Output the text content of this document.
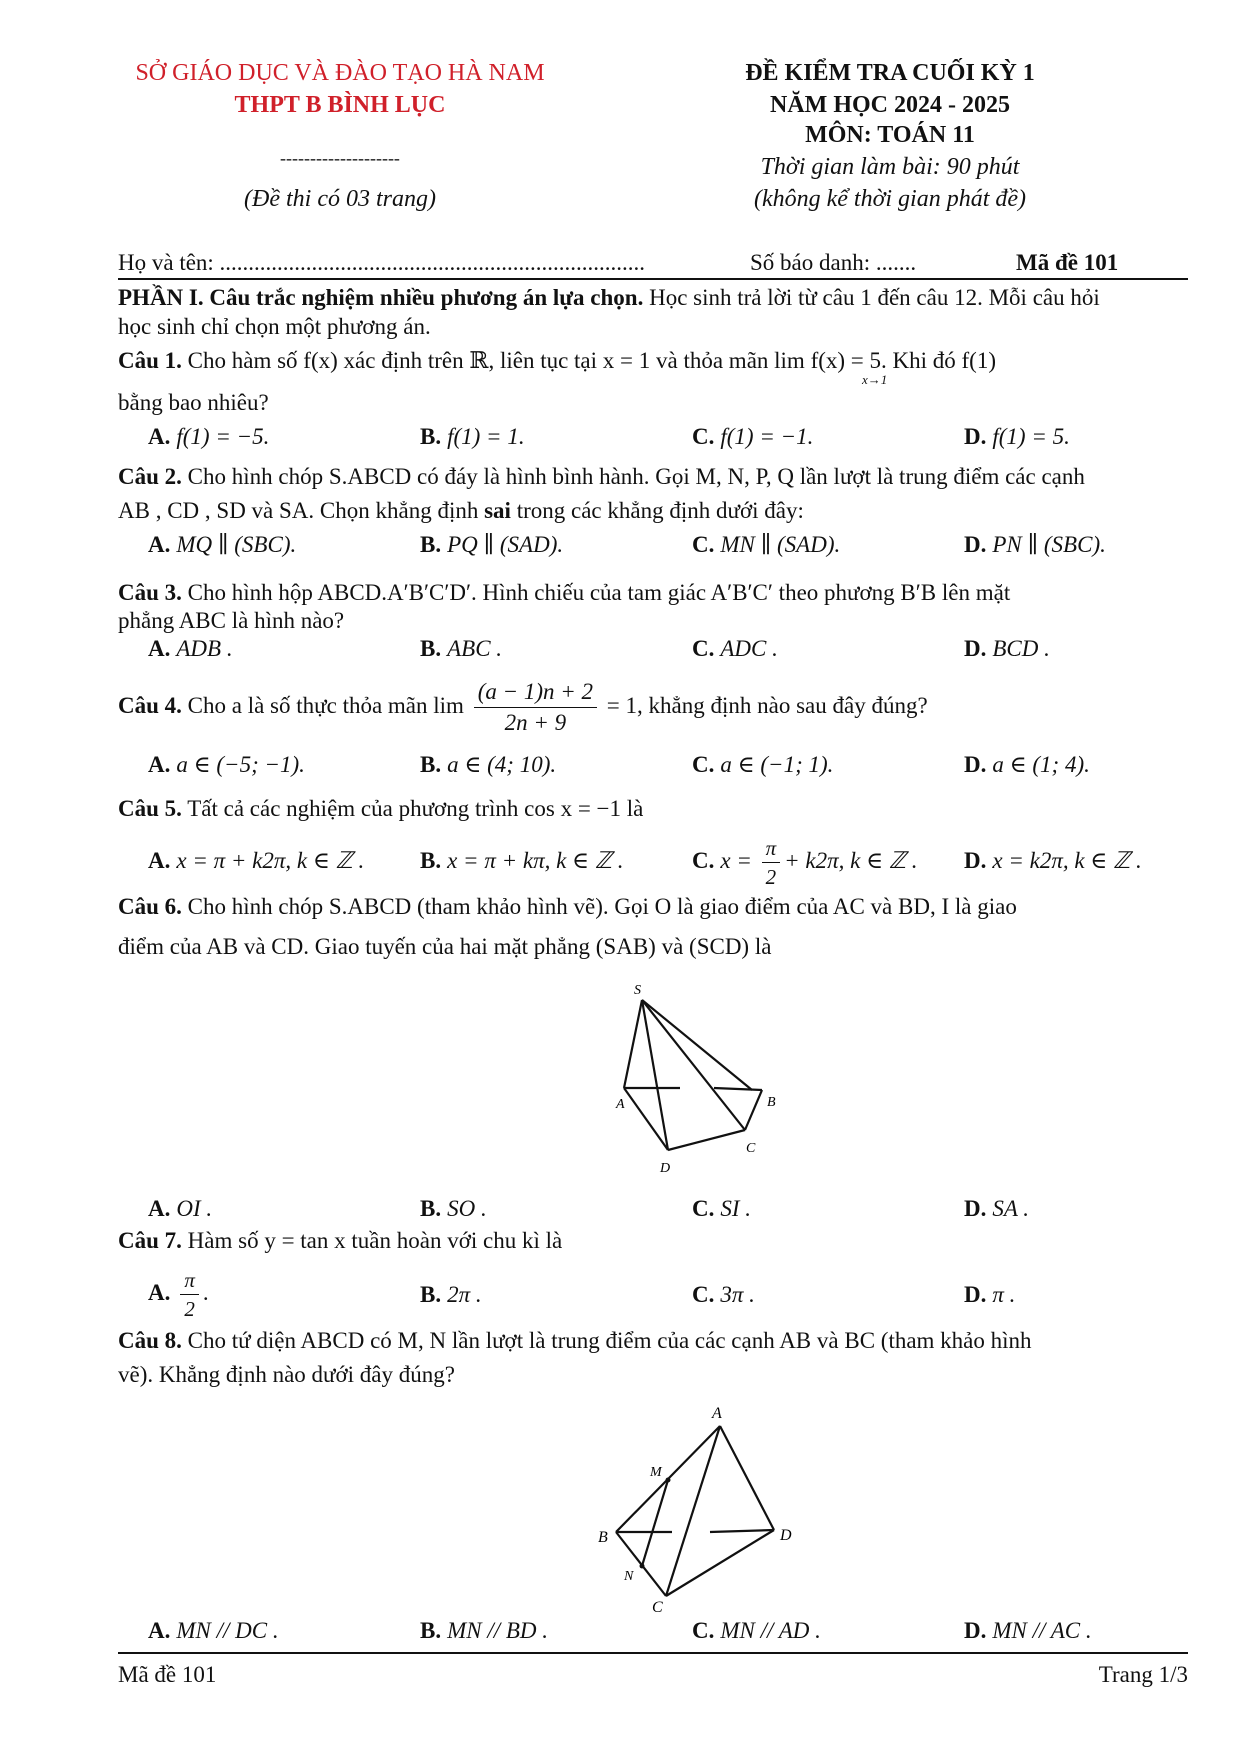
SỞ GIÁO DỤC VÀ ĐÀO TẠO HÀ NAM
THPT B BÌNH LỤC
--------------------
(Đề thi có 03 trang)
ĐỀ KIỂM TRA CUỐI KỲ 1
NĂM HỌC 2024 - 2025
MÔN: TOÁN 11
Thời gian làm bài: 90 phút
(không kể thời gian phát đề)
Họ và tên: ..........................................................................	Số báo danh: .......	Mã đề 101
PHẦN I. Câu trắc nghiệm nhiều phương án lựa chọn. Học sinh trả lời từ câu 1 đến câu 12. Mỗi câu hỏi
học sinh chỉ chọn một phương án.
Câu 1. Cho hàm số f(x) xác định trên ℝ, liên tục tại x = 1 và thỏa mãn lim f(x) = 5. Khi đó f(1)
x→1
bằng bao nhiêu?
A. f(1) = −5.	B. f(1) = 1.	C. f(1) = −1.	D. f(1) = 5.
Câu 2. Cho hình chóp S.ABCD có đáy là hình bình hành. Gọi M, N, P, Q lần lượt là trung điểm các cạnh
AB , CD , SD và SA. Chọn khẳng định sai trong các khẳng định dưới đây:
A. MQ ∥ (SBC).	B. PQ ∥ (SAD).	C. MN ∥ (SAD).	D. PN ∥ (SBC).
Câu 3. Cho hình hộp ABCD.A′B′C′D′. Hình chiếu của tam giác A′B′C′ theo phương B′B lên mặt
phẳng ABC là hình nào?
A. ADB .	B. ABC .	C. ADC .	D. BCD .
Câu 4. Cho a là số thực thỏa mãn $\lim \frac{(a - 1)n + 2}{2n + 9} = 1$, khẳng định nào sau đây đúng?
A. a ∈ (−5; −1).	B. a ∈ (4; 10).	C. a ∈ (−1; 1).	D. a ∈ (1; 4).
Câu 5. Tất cả các nghiệm của phương trình cos x = −1 là
A. x = π + k2π, k ∈ ℤ . B. x = π + kπ, k ∈ ℤ .	C. $x = \frac{\pi}{2} + k2\pi$, k ∈ ℤ . D. x = k2π, k ∈ ℤ .
Câu 6. Cho hình chóp S.ABCD (tham khảo hình vẽ). Gọi O là giao điểm của AC và BD, I là giao
điểm của AB và CD. Giao tuyến của hai mặt phẳng (SAB) và (SCD) là
S
A	B
C
D
A. OI .	B. SO .	C. SI .	D. SA .
Câu 7. Hàm số y = tan x tuần hoàn với chu kì là
A. $\frac{\pi}{2}$ .	B. 2π .	C. 3π .	D. π .
Câu 8. Cho tứ diện ABCD có M, N lần lượt là trung điểm của các cạnh AB và BC (tham khảo hình
vẽ). Khẳng định nào dưới đây đúng?
A
M
B
N
C
D
A. MN // DC .	B. MN // BD .	C. MN // AD .	D. MN // AC .
Mã đề 101	Trang 1/3
